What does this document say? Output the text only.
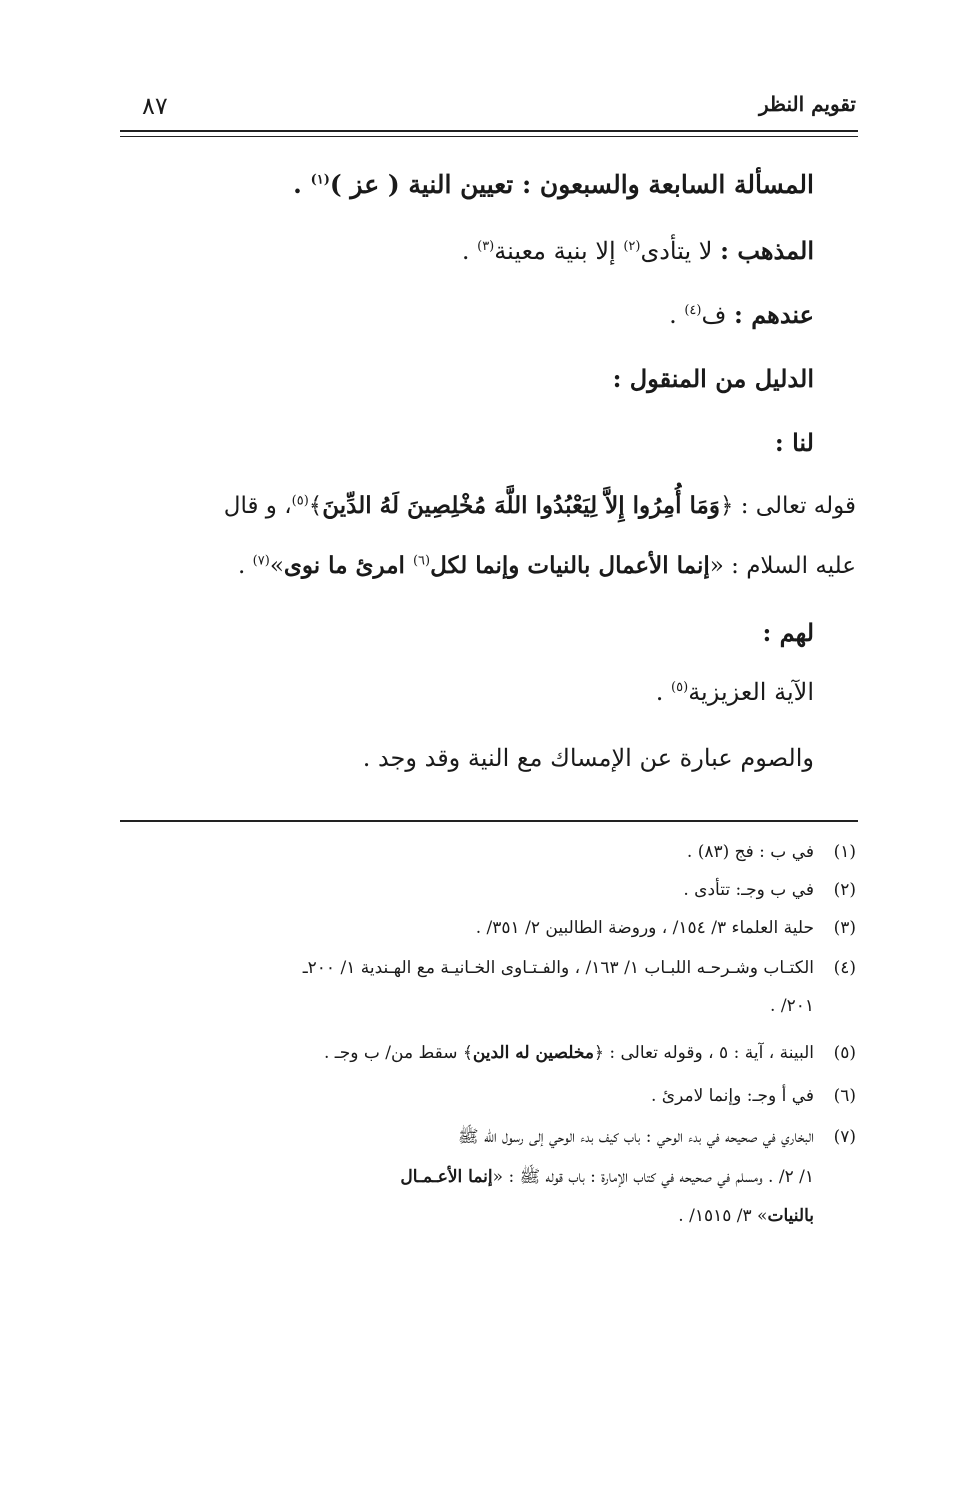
تقويم النظر
٨٧
المسألة السابعة والسبعون : تعيين النية ( عز )$^{(١)}$ .
المذهب : لا يتأدى$^{(٢)}$ إلا بنية معينة$^{(٣)}$ .
عندهم : ف$^{(٤)}$ .
الدليل من المنقول :
لنا :
قوله تعالى : ﴿وَمَا أُمِرُوا إِلاَّ لِيَعْبُدُوا اللَّهَ مُخْلِصِينَ لَهُ الدِّينَ﴾$^{(٥)}$، و قال
عليه السلام : «إنما الأعمال بالنيات وإنما لكل$^{(٦)}$ امرئ ما نوى»$^{(٧)}$ .
لهم :
الآية العزيزية$^{(٥)}$ .
والصوم عبارة عن الإمساك مع النية وقد وجد .
(١)في ب : فج (٨٣) .
(٢)في ب وجـ: تتأدى .
(٣)حلية العلماء ٣/ ١٥٤/ ، وروضة الطالبين ٢/ ٣٥١/ .
(٤)الكتـاب وشـرحـه اللبـاب ١/ ١٦٣/ ، والفـتـاوى الخـانيـة مع الهـندية ١/ ٢٠٠ـ
٢٠١/ .
(٥)البينة ، آية : ٥ ، وقوله تعالى : ﴿مخلصين له الدين﴾ سقط من/ ب وجـ .
(٦)في أ وجـ: وإنما لامرئ .
(٧)البخاري في صحيحه في بدء الوحي : باب كيف بدء الوحي إلى رسول الله ﷺ
١/ ٢/ . ومسلم في صحيحه في كتاب الإمارة : باب قوله ﷺ : «إنما الأعـمـال
بالنيات» ٣/ ١٥١٥/ .
